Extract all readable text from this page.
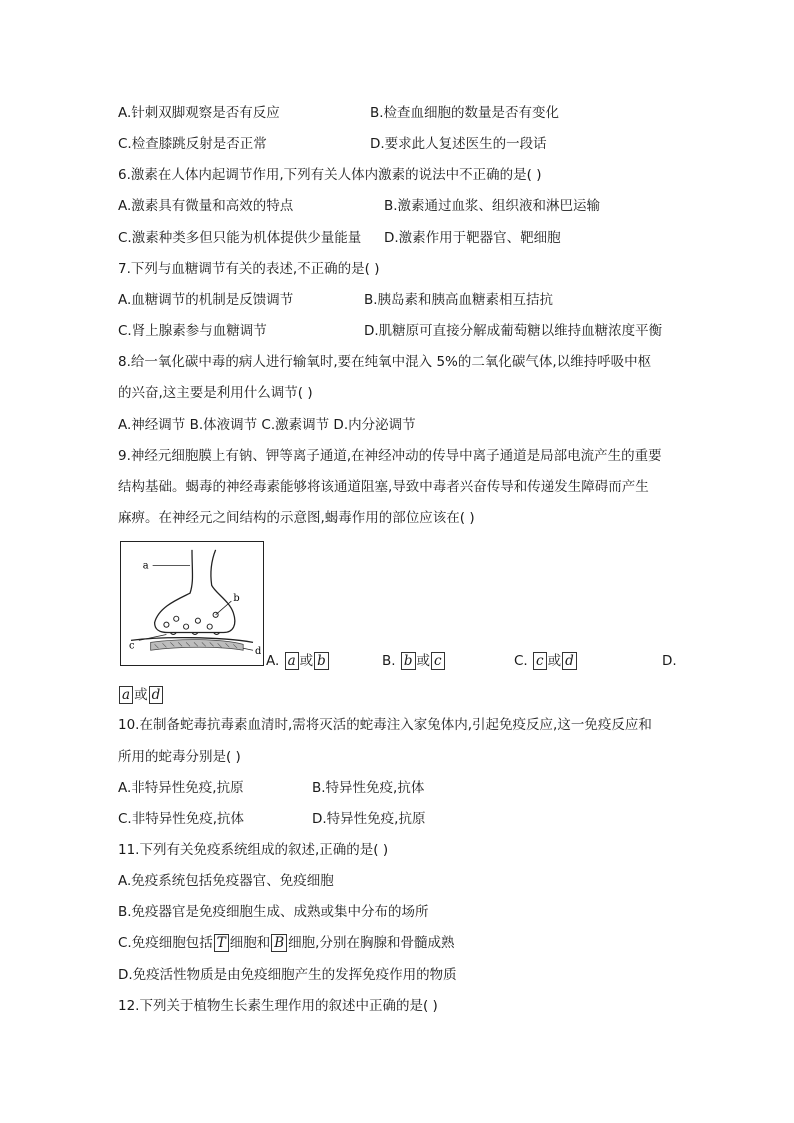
A.针刺双脚观察是否有反应	B.检查血细胞的数量是否有变化
C.检查膝跳反射是否正常	D.要求此人复述医生的一段话
6.激素在人体内起调节作用,下列有关人体内激素的说法中不正确的是( )
A.激素具有微量和高效的特点	B.激素通过血浆、组织液和淋巴运输
C.激素种类多但只能为机体提供少量能量 D.激素作用于靶器官、靶细胞
7.下列与血糖调节有关的表述,不正确的是( )
A.血糖调节的机制是反馈调节	B.胰岛素和胰高血糖素相互拮抗
C.肾上腺素参与血糖调节	D.肌糖原可直接分解成葡萄糖以维持血糖浓度平衡
8.给一氧化碳中毒的病人进行输氧时,要在纯氧中混入 5%的二氧化碳气体,以维持呼吸中枢
的兴奋,这主要是利用什么调节( )
A.神经调节 B.体液调节 C.激素调节 D.内分泌调节
9.神经元细胞膜上有钠、钾等离子通道,在神经冲动的传导中离子通道是局部电流产生的重要
结构基础。蝎毒的神经毒素能够将该通道阻塞,导致中毒者兴奋传导和传递发生障碍而产生
麻痹。在神经元之间结构的示意图,蝎毒作用的部位应该在( )
a
b
c
d
A. a 或 b	B. b 或 c	C. c 或 d	D.
a 或 d
10.在制备蛇毒抗毒素血清时,需将灭活的蛇毒注入家兔体内,引起免疫反应,这一免疫反应和
所用的蛇毒分别是( )
A.非特异性免疫,抗原	B.特异性免疫,抗体
C.非特异性免疫,抗体	D.特异性免疫,抗原
11.下列有关免疫系统组成的叙述,正确的是( )
A.免疫系统包括免疫器官、免疫细胞
B.免疫器官是免疫细胞生成、成熟或集中分布的场所
C.免疫细胞包括 T 细胞和 B 细胞,分别在胸腺和骨髓成熟
D.免疫活性物质是由免疫细胞产生的发挥免疫作用的物质
12.下列关于植物生长素生理作用的叙述中正确的是( )
